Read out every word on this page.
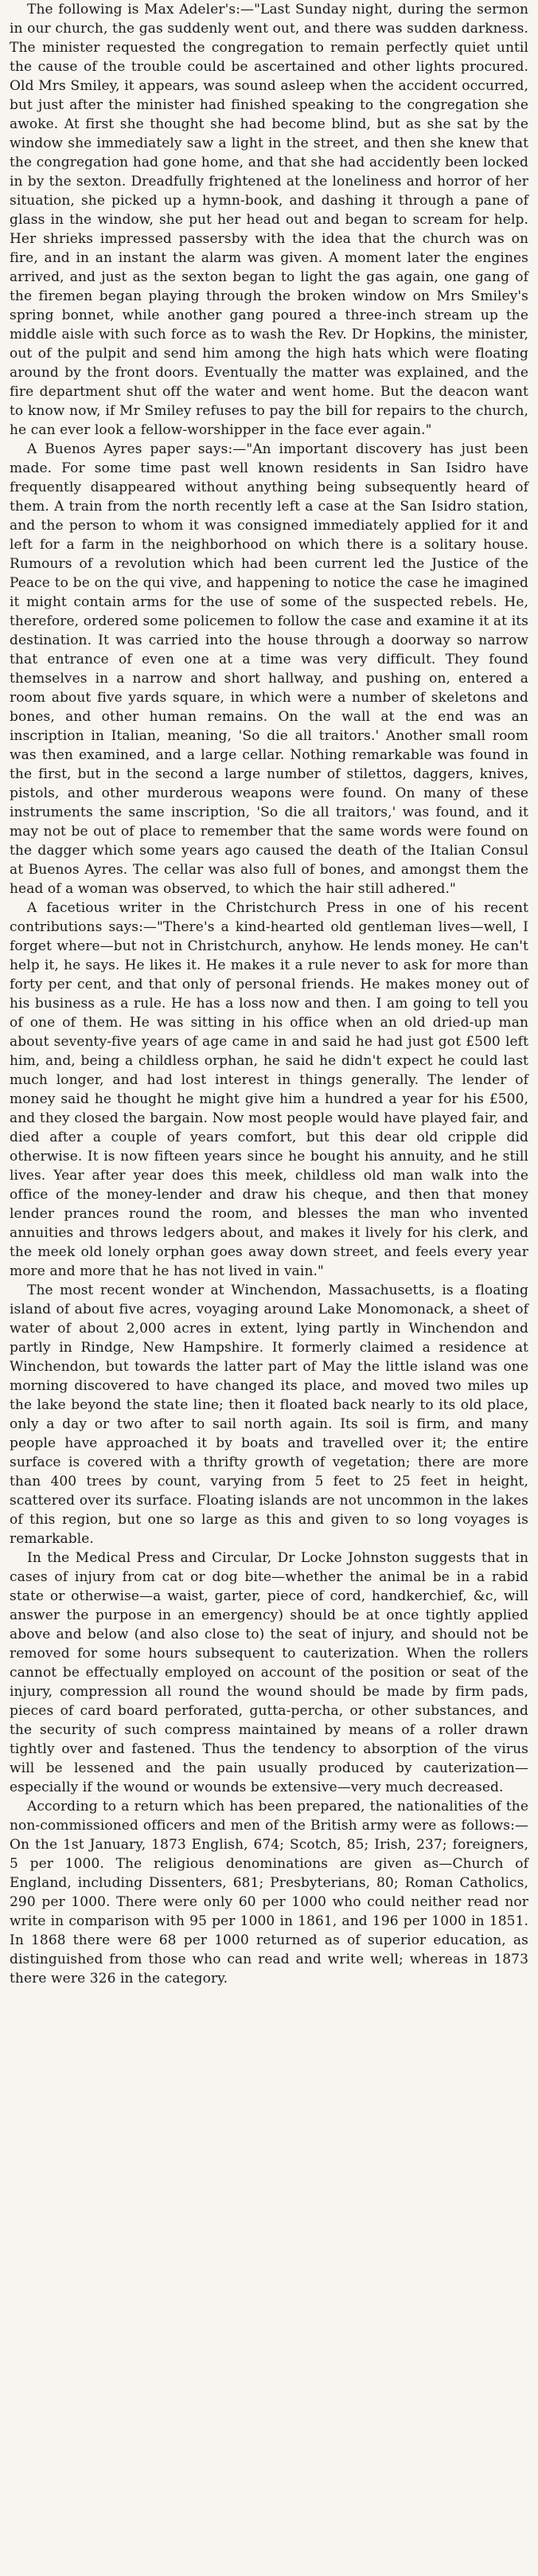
The following is Max Adeler's:—"Last Sunday night, during the sermon in our church, the gas suddenly went out, and there was sudden darkness. The minister requested the congregation to remain perfectly quiet until the cause of the trouble could be ascertained and other lights procured. Old Mrs Smiley, it appears, was sound asleep when the accident occurred, but just after the minister had finished speaking to the congregation she awoke. At first she thought she had become blind, but as she sat by the window she immediately saw a light in the street, and then she knew that the congregation had gone home, and that she had accidently been locked in by the sexton. Dreadfully frightened at the loneliness and horror of her situation, she picked up a hymn-book, and dashing it through a pane of glass in the window, she put her head out and began to scream for help. Her shrieks impressed passersby with the idea that the church was on fire, and in an instant the alarm was given. A moment later the engines arrived, and just as the sexton began to light the gas again, one gang of the firemen began playing through the broken window on Mrs Smiley's spring bonnet, while another gang poured a three-inch stream up the middle aisle with such force as to wash the Rev. Dr Hopkins, the minister, out of the pulpit and send him among the high hats which were floating around by the front doors. Eventually the matter was explained, and the fire department shut off the water and went home. But the deacon want to know now, if Mr Smiley refuses to pay the bill for repairs to the church, he can ever look a fellow-worshipper in the face ever again."

A Buenos Ayres paper says:—"An important discovery has just been made. For some time past well known residents in San Isidro have frequently disappeared without anything being subsequently heard of them. A train from the north recently left a case at the San Isidro station, and the person to whom it was consigned immediately applied for it and left for a farm in the neighborhood on which there is a solitary house. Rumours of a revolution which had been current led the Justice of the Peace to be on the qui vive, and happening to notice the case he imagined it might contain arms for the use of some of the suspected rebels. He, therefore, ordered some policemen to follow the case and examine it at its destination. It was carried into the house through a doorway so narrow that entrance of even one at a time was very difficult. They found themselves in a narrow and short hallway, and pushing on, entered a room about five yards square, in which were a number of skeletons and bones, and other human remains. On the wall at the end was an inscription in Italian, meaning, 'So die all traitors.' Another small room was then examined, and a large cellar. Nothing remarkable was found in the first, but in the second a large number of stilettos, daggers, knives, pistols, and other murderous weapons were found. On many of these instruments the same inscription, 'So die all traitors,' was found, and it may not be out of place to remember that the same words were found on the dagger which some years ago caused the death of the Italian Consul at Buenos Ayres. The cellar was also full of bones, and amongst them the head of a woman was observed, to which the hair still adhered."

A facetious writer in the Christchurch Press in one of his recent contributions says:—"There's a kind-hearted old gentleman lives—well, I forget where—but not in Christchurch, anyhow. He lends money. He can't help it, he says. He likes it. He makes it a rule never to ask for more than forty per cent, and that only of personal friends. He makes money out of his business as a rule. He has a loss now and then. I am going to tell you of one of them. He was sitting in his office when an old dried-up man about seventy-five years of age came in and said he had just got £500 left him, and, being a childless orphan, he said he didn't expect he could last much longer, and had lost interest in things generally. The lender of money said he thought he might give him a hundred a year for his £500, and they closed the bargain. Now most people would have played fair, and died after a couple of years comfort, but this dear old cripple did otherwise. It is now fifteen years since he bought his annuity, and he still lives. Year after year does this meek, childless old man walk into the office of the money-lender and draw his cheque, and then that money lender prances round the room, and blesses the man who invented annuities and throws ledgers about, and makes it lively for his clerk, and the meek old lonely orphan goes away down street, and feels every year more and more that he has not lived in vain."

The most recent wonder at Winchendon, Massachusetts, is a floating island of about five acres, voyaging around Lake Monomonack, a sheet of water of about 2,000 acres in extent, lying partly in Winchendon and partly in Rindge, New Hampshire. It formerly claimed a residence at Winchendon, but towards the latter part of May the little island was one morning discovered to have changed its place, and moved two miles up the lake beyond the state line; then it floated back nearly to its old place, only a day or two after to sail north again. Its soil is firm, and many people have approached it by boats and travelled over it; the entire surface is covered with a thrifty growth of vegetation; there are more than 400 trees by count, varying from 5 feet to 25 feet in height, scattered over its surface. Floating islands are not uncommon in the lakes of this region, but one so large as this and given to so long voyages is remarkable.

In the Medical Press and Circular, Dr Locke Johnston suggests that in cases of injury from cat or dog bite—whether the animal be in a rabid state or otherwise—a waist, garter, piece of cord, handkerchief, &c, will answer the purpose in an emergency) should be at once tightly applied above and below (and also close to) the seat of injury, and should not be removed for some hours subsequent to cauterization. When the rollers cannot be effectually employed on account of the position or seat of the injury, compression all round the wound should be made by firm pads, pieces of card board perforated, gutta-percha, or other substances, and the security of such compress maintained by means of a roller drawn tightly over and fastened. Thus the tendency to absorption of the virus will be lessened and the pain usually produced by cauterization—especially if the wound or wounds be extensive—very much decreased.

According to a return which has been prepared, the nationalities of the non-commissioned officers and men of the British army were as follows:—On the 1st January, 1873 English, 674; Scotch, 85; Irish, 237; foreigners, 5 per 1000. The religious denominations are given as—Church of England, including Dissenters, 681; Presbyterians, 80; Roman Catholics, 290 per 1000. There were only 60 per 1000 who could neither read nor write in comparison with 95 per 1000 in 1861, and 196 per 1000 in 1851. In 1868 there were 68 per 1000 returned as of superior education, as distinguished from those who can read and write well; whereas in 1873 there were 326 in the category.
